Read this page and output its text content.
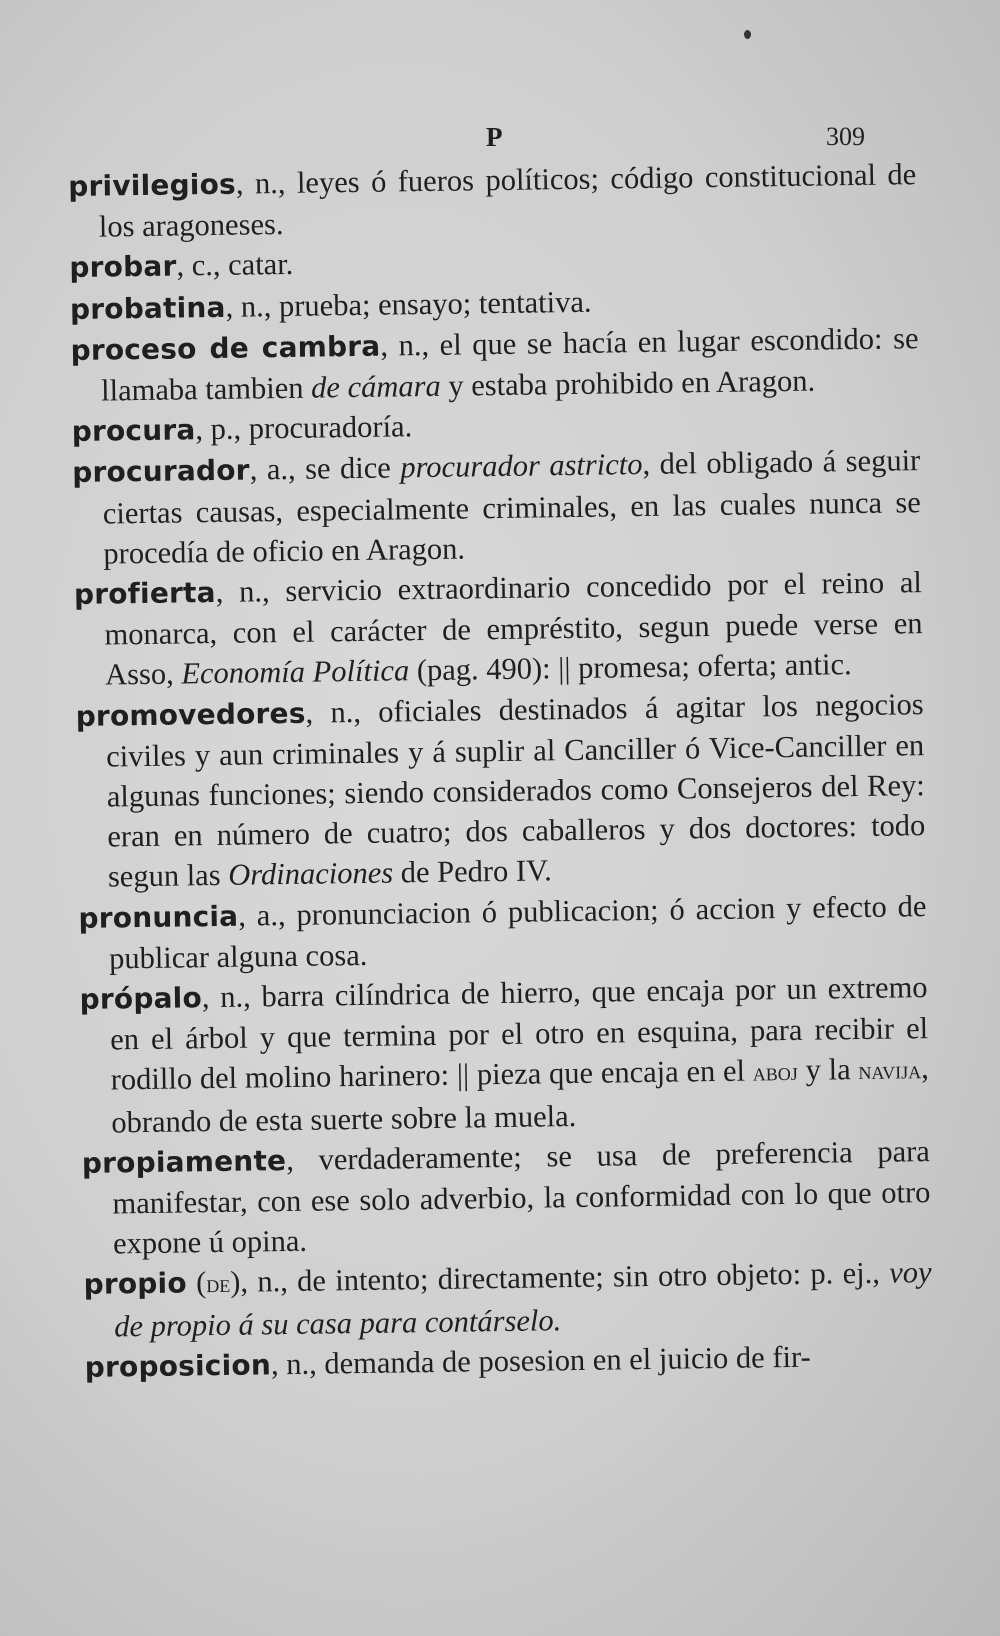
P	309

privilegios, n., leyes ó fueros políticos; código constitucional de los aragoneses.

probar, c., catar.

probatina, n., prueba; ensayo; tentativa.

proceso de cambra, n., el que se hacía en lugar escondido: se llamaba tambien de cámara y estaba prohibido en Aragon.

procura, p., procuradoría.

procurador, a., se dice procurador astricto, del obligado á seguir ciertas causas, especialmente criminales, en las cuales nunca se procedía de oficio en Aragon.

profierta, n., servicio extraordinario concedido por el reino al monarca, con el carácter de empréstito, segun puede verse en Asso, Economía Política (pag. 490): || promesa; oferta; antic.

promovedores, n., oficiales destinados á agitar los negocios civiles y aun criminales y á suplir al Canciller ó Vice-Canciller en algunas funciones; siendo considerados como Consejeros del Rey: eran en número de cuatro; dos caballeros y dos doctores: todo segun las Ordinaciones de Pedro IV.

pronuncia, a., pronunciacion ó publicacion; ó accion y efecto de publicar alguna cosa.

própalo, n., barra cilíndrica de hierro, que encaja por un extremo en el árbol y que termina por el otro en esquina, para recibir el rodillo del molino harinero: || pieza que encaja en el aboj y la navija, obrando de esta suerte sobre la muela.

propiamente, verdaderamente; se usa de preferencia para manifestar, con ese solo adverbio, la conformidad con lo que otro expone ú opina.

propio (de), n., de intento; directamente; sin otro objeto: p. ej., voy de propio á su casa para contárselo.

proposicion, n., demanda de posesion en el juicio de fir-
